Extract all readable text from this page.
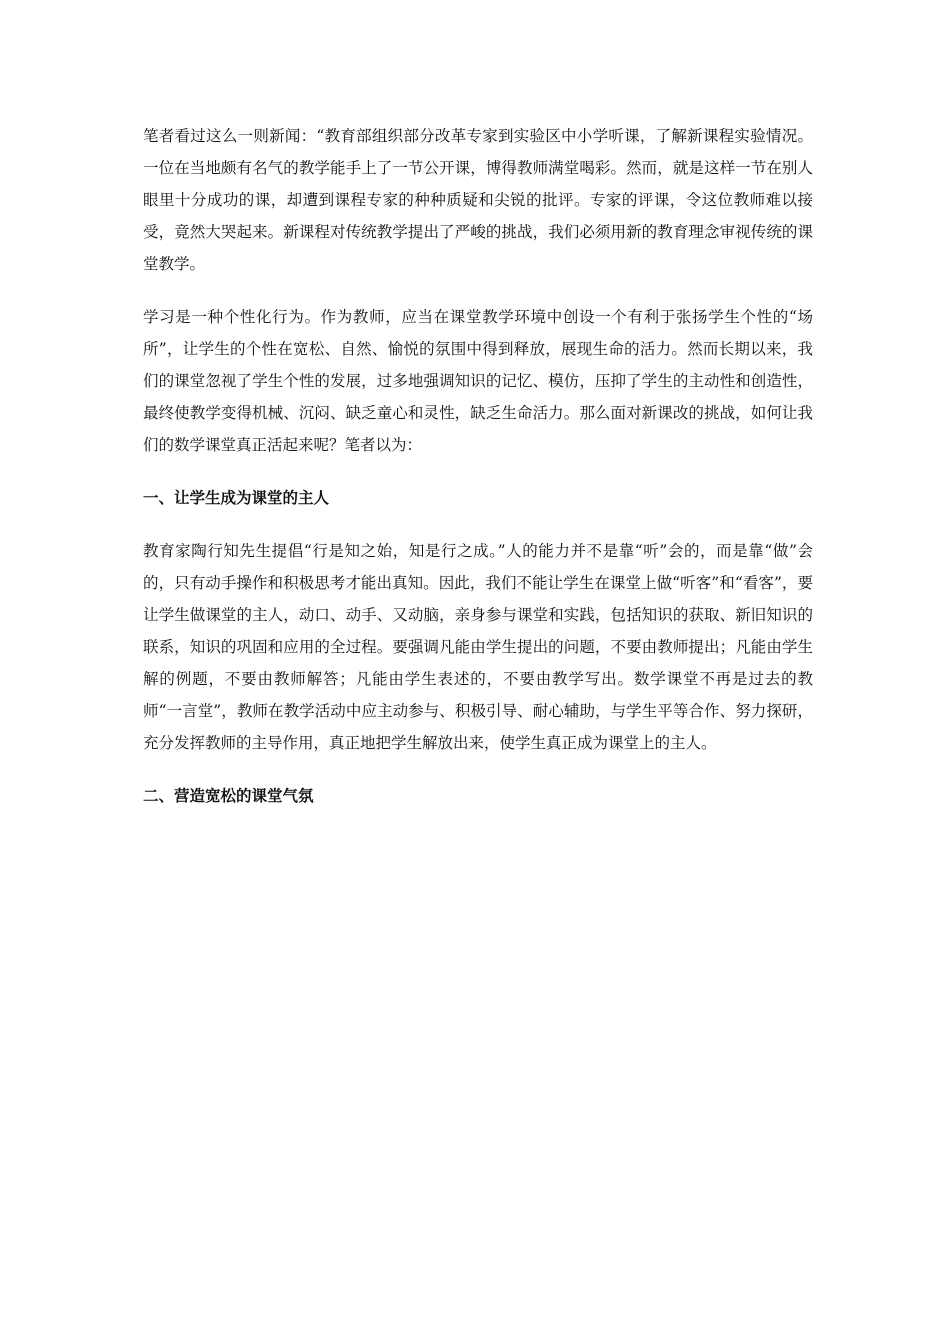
笔者看过这么一则新闻：“教育部组织部分改革专家到实验区中小学听课，了解新课程实验情况。一位在当地颇有名气的教学能手上了一节公开课，博得教师满堂喝彩。然而，就是这样一节在别人眼里十分成功的课，却遭到课程专家的种种质疑和尖锐的批评。专家的评课，令这位教师难以接受，竟然大哭起来。新课程对传统教学提出了严峻的挑战，我们必须用新的教育理念审视传统的课堂教学。

学习是一种个性化行为。作为教师，应当在课堂教学环境中创设一个有利于张扬学生个性的“场所”，让学生的个性在宽松、自然、愉悦的氛围中得到释放，展现生命的活力。然而长期以来，我们的课堂忽视了学生个性的发展，过多地强调知识的记忆、模仿，压抑了学生的主动性和创造性，最终使教学变得机械、沉闷、缺乏童心和灵性，缺乏生命活力。那么面对新课改的挑战，如何让我们的数学课堂真正活起来呢？笔者以为：

一、让学生成为课堂的主人

教育家陶行知先生提倡“行是知之始，知是行之成。”人的能力并不是靠“听”会的，而是靠“做”会的，只有动手操作和积极思考才能出真知。因此，我们不能让学生在课堂上做“听客”和“看客”，要让学生做课堂的主人，动口、动手、又动脑，亲身参与课堂和实践，包括知识的获取、新旧知识的联系，知识的巩固和应用的全过程。要强调凡能由学生提出的问题，不要由教师提出；凡能由学生解的例题，不要由教师解答；凡能由学生表述的，不要由教学写出。数学课堂不再是过去的教师“一言堂”，教师在教学活动中应主动参与、积极引导、耐心辅助，与学生平等合作、努力探研，充分发挥教师的主导作用，真正地把学生解放出来，使学生真正成为课堂上的主人。

二、营造宽松的课堂气氛
